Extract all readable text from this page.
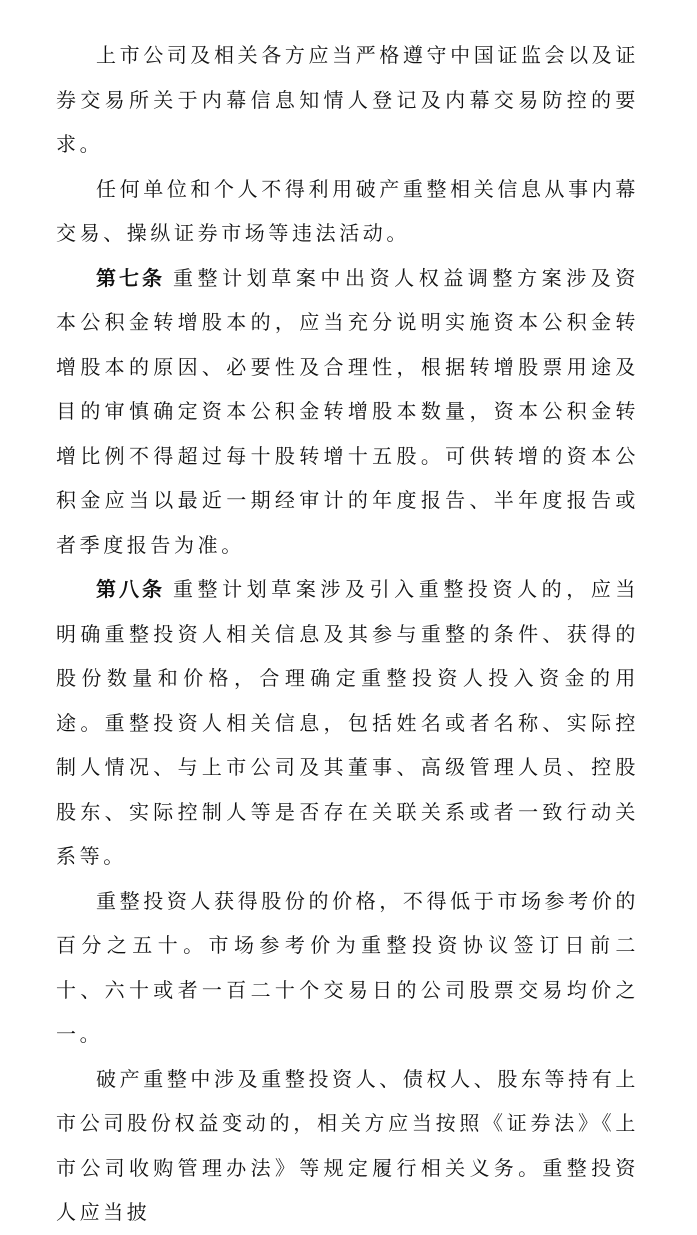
上市公司及相关各方应当严格遵守中国证监会以及证券交易所关于内幕信息知情人登记及内幕交易防控的要求。

任何单位和个人不得利用破产重整相关信息从事内幕交易、操纵证券市场等违法活动。

第七条 重整计划草案中出资人权益调整方案涉及资本公积金转增股本的，应当充分说明实施资本公积金转增股本的原因、必要性及合理性，根据转增股票用途及目的审慎确定资本公积金转增股本数量，资本公积金转增比例不得超过每十股转增十五股。可供转增的资本公积金应当以最近一期经审计的年度报告、半年度报告或者季度报告为准。

第八条 重整计划草案涉及引入重整投资人的，应当明确重整投资人相关信息及其参与重整的条件、获得的股份数量和价格，合理确定重整投资人投入资金的用途。重整投资人相关信息，包括姓名或者名称、实际控制人情况、与上市公司及其董事、高级管理人员、控股股东、实际控制人等是否存在关联关系或者一致行动关系等。

重整投资人获得股份的价格，不得低于市场参考价的百分之五十。市场参考价为重整投资协议签订日前二十、六十或者一百二十个交易日的公司股票交易均价之一。

破产重整中涉及重整投资人、债权人、股东等持有上市公司股份权益变动的，相关方应当按照《证券法》《上市公司收购管理办法》等规定履行相关义务。重整投资人应当披
